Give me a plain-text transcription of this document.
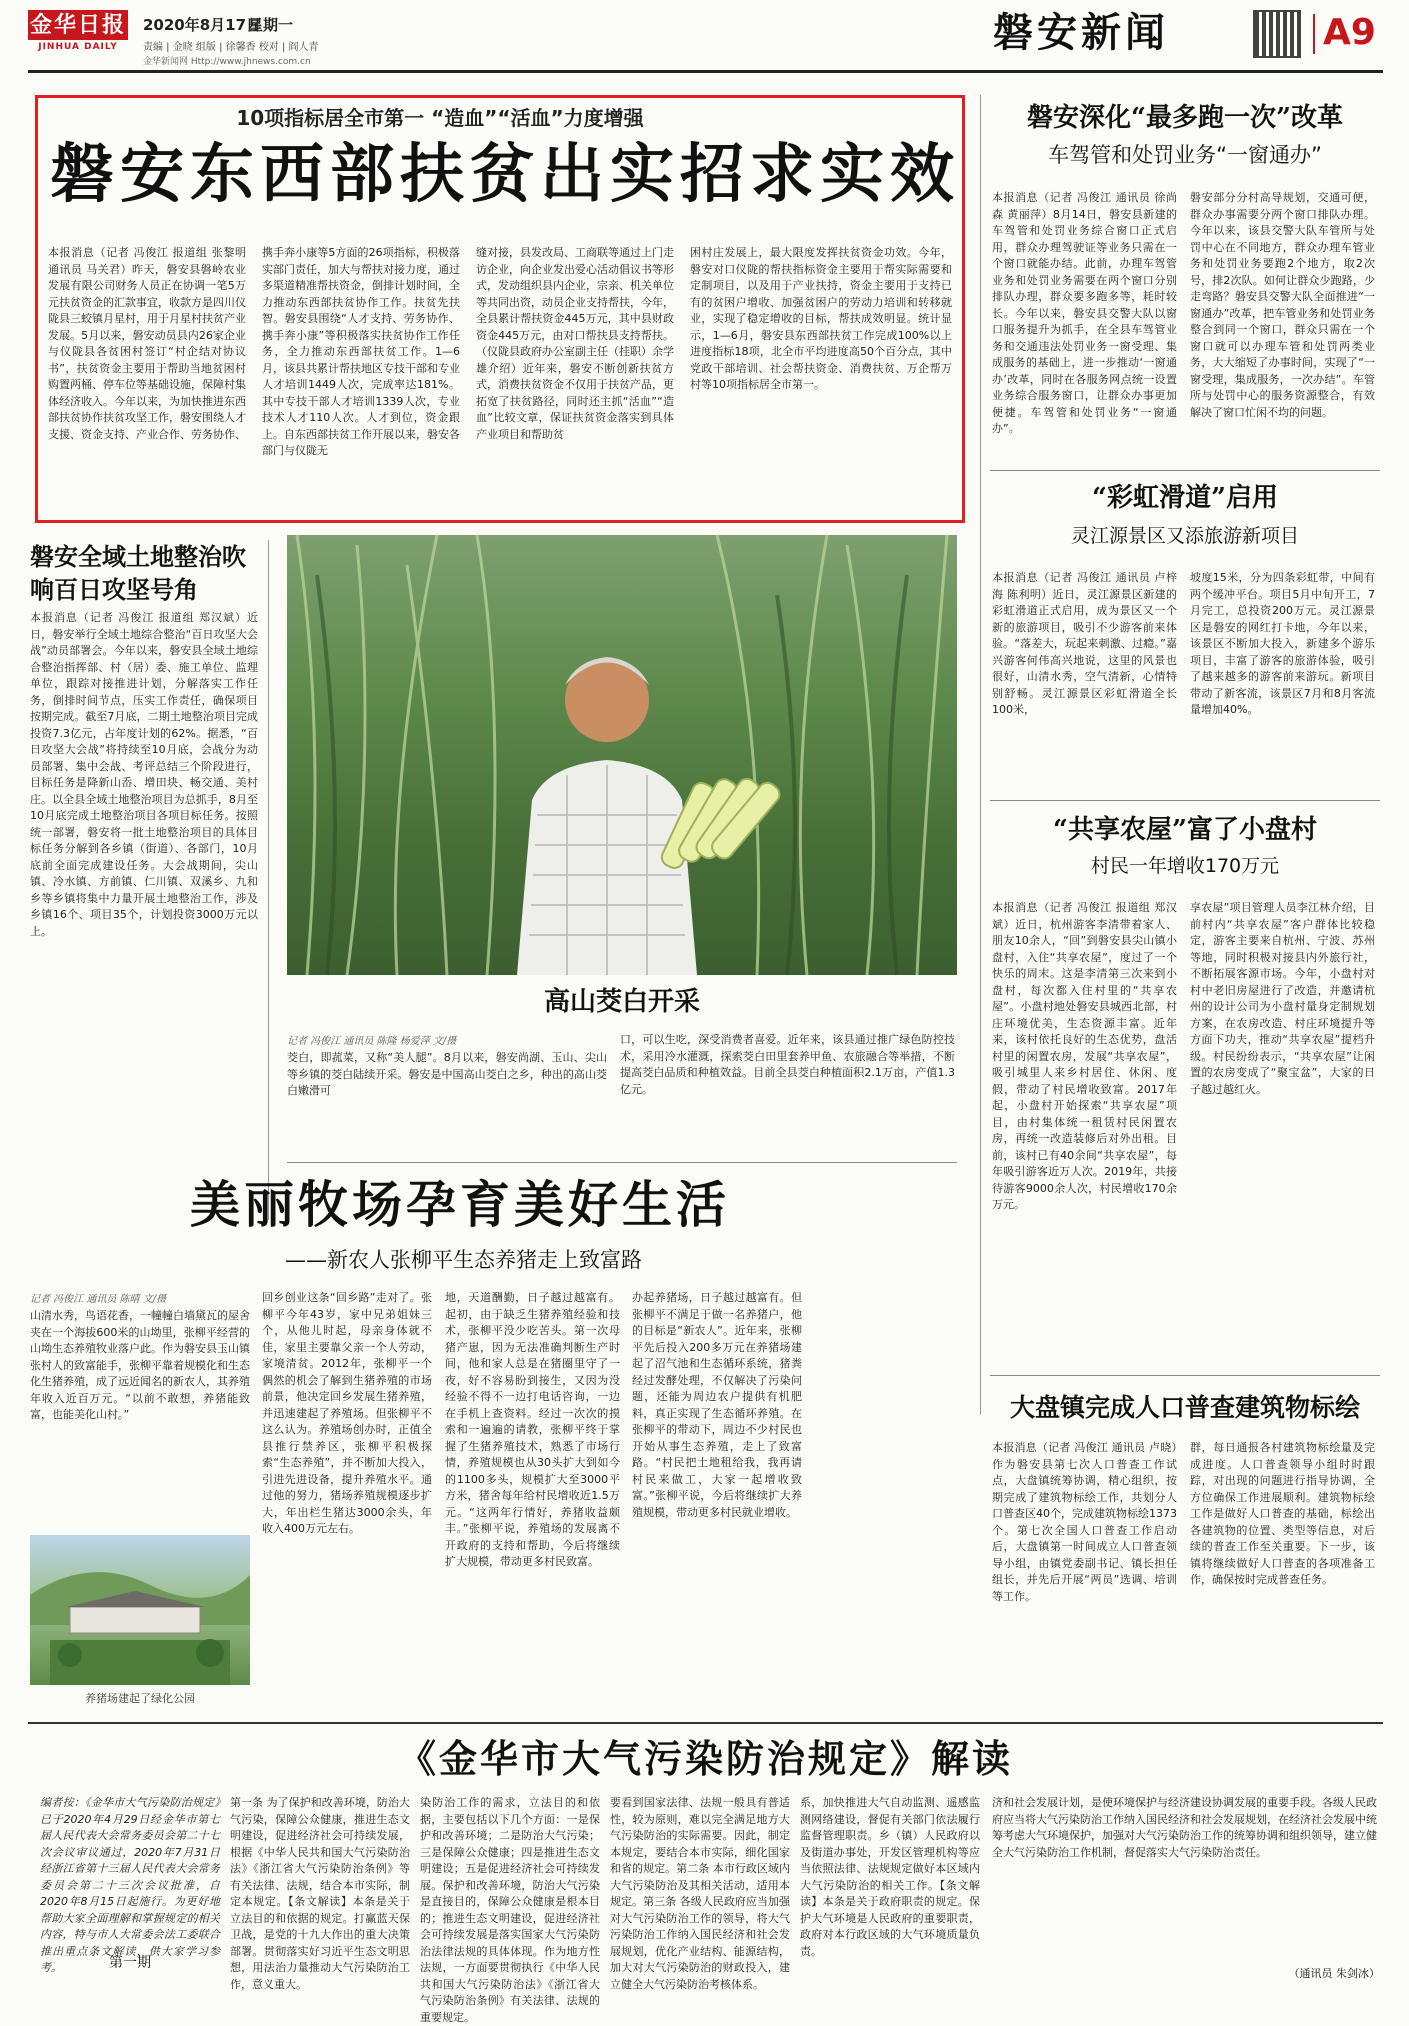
金华日报
JINHUA DAILY
2020年8月17日
星期一
责编 | 金晓 组版 | 徐馨香 校对 | 阎人青
金华新闻网 Http://www.jhnews.com.cn
磐安新闻	A9
10项指标居全市第一 “造血”“活血”力度增强
磐安东西部扶贫出实招求实效
本报消息（记者 冯俊江 报道组 张黎明 通讯员 马关君）昨天，磐安县磐岭农业发展有限公司财务人员正在协调一笔5万元扶贫资金的汇款事宜，收款方是四川仪陇县三蛟镇月星村，用于月星村扶贫产业发展。5月以来，磐安动员县内26家企业与仪陇县各贫困村签订“村企结对协议书”，扶贫资金主要用于帮助当地贫困村购置两桶、停车位等基础设施，保障村集体经济收入。今年以来，为加快推进东西部扶贫协作扶贫攻坚工作，磐安围绕人才支援、资金支持、产业合作、劳务协作、
携手奔小康等5方面的26项指标，积极落实部门责任，加大与帮扶对接力度，通过多渠道精准帮扶资金，倒排计划时间，全力推动东西部扶贫协作工作。扶贫先扶智。磐安县围绕“人才支持、劳务协作、携手奔小康”等积极落实扶贫协作工作任务，全力推动东西部扶贫工作。1—6月，该县共累计帮扶地区专技干部和专业人才培训1449人次，完成率达181%。其中专技干部人才培训1339人次，专业技术人才110人次。人才到位，资金跟上。自东西部扶贫工作开展以来，磐安各部门与仪陇无
缝对接，县发改局、工商联等通过上门走访企业，向企业发出爱心活动倡议书等形式，发动组织县内企业，宗亲、机关单位等共同出资，动员企业支持帮扶，今年，全县累计帮扶资金445万元，其中县财政资金445万元，由对口帮扶县支持帮扶。（仪陇县政府办公室副主任（挂职）余学雄介绍）近年来，磐安不断创新扶贫方式，消费扶贫资金不仅用于扶贫产品，更拓宽了扶贫路径，同时还主抓“活血”“造血”比较文章，保证扶贫资金落实到具体产业项目和帮助贫
困村庄发展上，最大限度发挥扶贫资金功效。今年，磐安对口仪陇的帮扶指标资金主要用于帮实际需要和定制项目，以及用于产业扶持，资金主要用于支持已有的贫困户增收、加强贫困户的劳动力培训和转移就业，实现了稳定增收的目标，帮扶成效明显。统计显示，1—6月，磐安县东西部扶贫工作完成100%以上进度指标18项，北全市平均进度高50个百分点，其中党政干部培训、社会帮扶资金、消费扶贫、万企帮万村等10项指标居全市第一。
磐安深化“最多跑一次”改革
车驾管和处罚业务“一窗通办”
本报消息（记者 冯俊江 通讯员 徐尚森 黄丽萍）8月14日，磐安县新建的车驾管和处罚业务综合窗口正式启用，群众办理驾驶证等业务只需在一个窗口就能办结。此前，办理车驾管业务和处罚业务需要在两个窗口分别排队办理，群众要多跑多等，耗时较长。今年以来，磐安县交警大队以窗口服务提升为抓手，在全县车驾管业务和交通违法处罚业务一窗受理、集成服务的基础上，进一步推动‘一窗通办’改革，同时在各服务网点统一设置业务综合服务窗口，让群众办事更加便捷。车驾管和处罚业务“一窗通办”。
磐安部分分村高导规划，交通可便，群众办事需要分两个窗口排队办理。今年以来，该县交警大队车管所与处罚中心在不同地方，群众办理车管业务和处罚业务要跑2个地方，取2次号，排2次队。如何让群众少跑路，少走弯路？磐安县交警大队全面推进“一窗通办”改革，把车管业务和处罚业务整合到同一个窗口，群众只需在一个窗口就可以办理车管和处罚两类业务，大大缩短了办事时间，实现了“一窗受理，集成服务，一次办结”。车管所与处罚中心的服务资源整合，有效解决了窗口忙闲不均的问题。
“彩虹滑道”启用
灵江源景区又添旅游新项目
本报消息（记者 冯俊江 通讯员 卢梓海 陈利明）近日，灵江源景区新建的彩虹滑道正式启用，成为景区又一个新的旅游项目，吸引不少游客前来体验。“落差大，玩起来刺激、过瘾。”嘉兴游客何伟高兴地说，这里的风景也很好，山清水秀，空气清新，心情特别舒畅。灵江源景区彩虹滑道全长100米，
坡度15米，分为四条彩虹带，中间有两个缓冲平台。项目5月中旬开工，7月完工，总投资200万元。灵江源景区是磐安的网红打卡地，今年以来，该景区不断加大投入，新建多个游乐项目，丰富了游客的旅游体验，吸引了越来越多的游客前来游玩。新项目带动了新客流，该景区7月和8月客流量增加40%。
“共享农屋”富了小盘村
村民一年增收170万元
本报消息（记者 冯俊江 报道组 郑汉斌）近日，杭州游客李清带着家人、朋友10余人，“回”到磐安县尖山镇小盘村，入住“共享农屋”，度过了一个快乐的周末。这是李清第三次来到小盘村，每次都入住村里的“共享农屋”。小盘村地处磐安县城西北部，村庄环境优美，生态资源丰富。近年来，该村依托良好的生态优势，盘活村里的闲置农房，发展“共享农屋”，吸引城里人来乡村居住、休闲、度假，带动了村民增收致富。2017年起，小盘村开始探索“共享农屋”项目，由村集体统一租赁村民闲置农房，再统一改造装修后对外出租。目前，该村已有40余间“共享农屋”，每年吸引游客近万人次。2019年，共接待游客9000余人次，村民增收170余万元。
享农屋”项目管理人员李江林介绍，目前村内“共享农屋”客户群体比较稳定，游客主要来自杭州、宁波、苏州等地，同时积极对接县内外旅行社，不断拓展客源市场。今年，小盘村对村中老旧房屋进行了改造，并邀请杭州的设计公司为小盘村量身定制规划方案，在农房改造、村庄环境提升等方面下功夫，推动“共享农屋”提档升级。村民纷纷表示，“共享农屋”让闲置的农房变成了“聚宝盆”，大家的日子越过越红火。
大盘镇完成人口普查建筑物标绘
本报消息（记者 冯俊江 通讯员 卢晓）作为磐安县第七次人口普查工作试点，大盘镇统筹协调，精心组织，按期完成了建筑物标绘工作，共划分人口普查区40个，完成建筑物标绘1373个。第七次全国人口普查工作启动后，大盘镇第一时间成立人口普查领导小组，由镇党委副书记、镇长担任组长，并先后开展“两员”选调、培训等工作。
群，每日通报各村建筑物标绘量及完成进度。人口普查领导小组时时跟踪，对出现的问题进行指导协调，全方位确保工作进展顺利。建筑物标绘工作是做好人口普查的基础，标绘出各建筑物的位置、类型等信息，对后续的普查工作至关重要。下一步，该镇将继续做好人口普查的各项准备工作，确保按时完成普查任务。
磐安全域土地整治吹响百日攻坚号角
本报消息（记者 冯俊江 报道组 郑汉斌）近日，磐安举行全域土地综合整治“百日攻坚大会战”动员部署会。今年以来，磐安县全域土地综合整治指挥部、村（居）委、施工单位、监理单位，跟踪对接推进计划，分解落实工作任务，倒排时间节点，压实工作责任，确保项目按期完成。截至7月底，二期土地整治项目完成投资7.3亿元，占年度计划的62%。据悉，“百日攻坚大会战”将持续至10月底，会战分为动员部署、集中会战、考评总结三个阶段进行，目标任务是降新山岙、增田块、畅交通、美村庄。以全县全域土地整治项目为总抓手，8月至10月底完成土地整治项目各项目标任务。按照统一部署，磐安将一批土地整治项目的具体目标任务分解到各乡镇（街道）、各部门，10月底前全面完成建设任务。大会战期间，尖山镇、冷水镇、方前镇、仁川镇、双溪乡、九和乡等乡镇将集中力量开展土地整治工作，涉及乡镇16个、项目35个，计划投资3000万元以上。
高山茭白开采
记者 冯俊江 通讯员 陈隆 杨爱萍 文/摄
茭白，即菰菜，又称“美人腿”。8月以来，磐安尚湖、玉山、尖山等乡镇的茭白陆续开采。磐安是中国高山茭白之乡，种出的高山茭白嫩滑可
口，可以生吃，深受消费者喜爱。近年来，该县通过推广绿色防控技术，采用冷水灌溉，探索茭白田里套养甲鱼、农旅融合等举措，不断提高茭白品质和种植效益。目前全县茭白种植面积2.1万亩，产值1.3亿元。
美丽牧场孕育美好生活
——新农人张柳平生态养猪走上致富路
记者 冯俊江 通讯员 陈晴 文/摄
山清水秀，鸟语花香，一幢幢白墙黛瓦的屋舍夹在一个海拔600米的山坳里，张柳平经营的山坳生态养殖牧业落户此。作为磐安县玉山镇张村人的致富能手，张柳平靠着规模化和生态化生猪养殖，成了远近闻名的新农人，其养殖年收入近百万元。“以前不敢想，养猪能致富，也能美化山村。”
养猪场建起了绿化公园
回乡创业这条“回乡路”走对了。张柳平今年43岁，家中兄弟姐妹三个，从他儿时起，母亲身体就不佳，家里主要靠父亲一个人劳动，家境清贫。2012年，张柳平一个偶然的机会了解到生猪养殖的市场前景，他决定回乡发展生猪养殖，并迅速建起了养殖场。但张柳平不这么认为。养殖场创办时，正值全县推行禁养区，张柳平积极探索“生态养殖”，并不断加大投入，引进先进设备，提升养殖水平。通过他的努力，猪场养殖规模逐步扩大，年出栏生猪达3000余头，年收入400万元左右。
地，天道酬勤，日子越过越富有。起初，由于缺乏生猪养殖经验和技术，张柳平没少吃苦头。第一次母猪产崽，因为无法准确判断生产时间，他和家人总是在猪圈里守了一夜，好不容易盼到接生，又因为没经验不得不一边打电话咨询，一边在手机上查资料。经过一次次的摸索和一遍遍的请教，张柳平终于掌握了生猪养殖技术，熟悉了市场行情，养殖规模也从30头扩大到如今的1100多头，规模扩大至3000平方米，猪舍每年给村民增收近1.5万元。“这两年行情好，养猪收益颇丰。”张柳平说，养殖场的发展离不开政府的支持和帮助，今后将继续扩大规模，带动更多村民致富。
办起养猪场，日子越过越富有。但张柳平不满足于做一名养猪户，他的目标是“新农人”。近年来，张柳平先后投入200多万元在养猪场建起了沼气池和生态循环系统，猪粪经过发酵处理，不仅解决了污染问题，还能为周边农户提供有机肥料，真正实现了生态循环养殖。在张柳平的带动下，周边不少村民也开始从事生态养殖，走上了致富路。“村民把土地租给我，我再请村民来做工，大家一起增收致富。”张柳平说，今后将继续扩大养殖规模，带动更多村民就业增收。
《金华市大气污染防治规定》解读
编者按：《金华市大气污染防治规定》已于2020年4月29日经金华市第七届人民代表大会常务委员会第二十七次会议审议通过，2020年7月31日经浙江省第十三届人民代表大会常务委员会第二十三次会议批准，自2020年8月15日起施行。为更好地帮助大家全面理解和掌握规定的相关内容，特与市人大常委会法工委联合推出重点条文解读，供大家学习参考。	第一期
第一条 为了保护和改善环境，防治大气污染，保障公众健康，推进生态文明建设，促进经济社会可持续发展，根据《中华人民共和国大气污染防治法》《浙江省大气污染防治条例》等有关法律、法规，结合本市实际，制定本规定。【条文解读】本条是关于立法目的和依据的规定。打赢蓝天保卫战，是党的十九大作出的重大决策部署。贯彻落实好习近平生态文明思想，用法治力量推动大气污染防治工作，意义重大。
染防治工作的需求，立法目的和依据，主要包括以下几个方面：一是保护和改善环境；二是防治大气污染；三是保障公众健康；四是推进生态文明建设；五是促进经济社会可持续发展。保护和改善环境，防治大气污染是直接目的，保障公众健康是根本目的；推进生态文明建设，促进经济社会可持续发展是落实国家大气污染防治法律法规的具体体现。作为地方性法规，一方面要贯彻执行《中华人民共和国大气污染防治法》《浙江省大气污染防治条例》有关法律、法规的重要规定。
要看到国家法律、法规一般具有普适性，较为原则，难以完全满足地方大气污染防治的实际需要。因此，制定本规定，要结合本市实际，细化国家和省的规定。第二条 本市行政区域内大气污染防治及其相关活动，适用本规定。第三条 各级人民政府应当加强对大气污染防治工作的领导，将大气污染防治工作纳入国民经济和社会发展规划，优化产业结构、能源结构，加大对大气污染防治的财政投入，建立健全大气污染防治考核体系。
系，加快推进大气自动监测、遥感监测网络建设，督促有关部门依法履行监督管理职责。乡（镇）人民政府以及街道办事处，开发区管理机构等应当依照法律、法规规定做好本区域内大气污染防治的相关工作。【条文解读】本条是关于政府职责的规定。保护大气环境是人民政府的重要职责，政府对本行政区域的大气环境质量负责。
济和社会发展计划，是使环境保护与经济建设协调发展的重要手段。各级人民政府应当将大气污染防治工作纳入国民经济和社会发展规划，在经济社会发展中统筹考虑大气环境保护，加强对大气污染防治工作的统筹协调和组织领导，建立健全大气污染防治工作机制，督促落实大气污染防治责任。
（通讯员 朱剑冰）
